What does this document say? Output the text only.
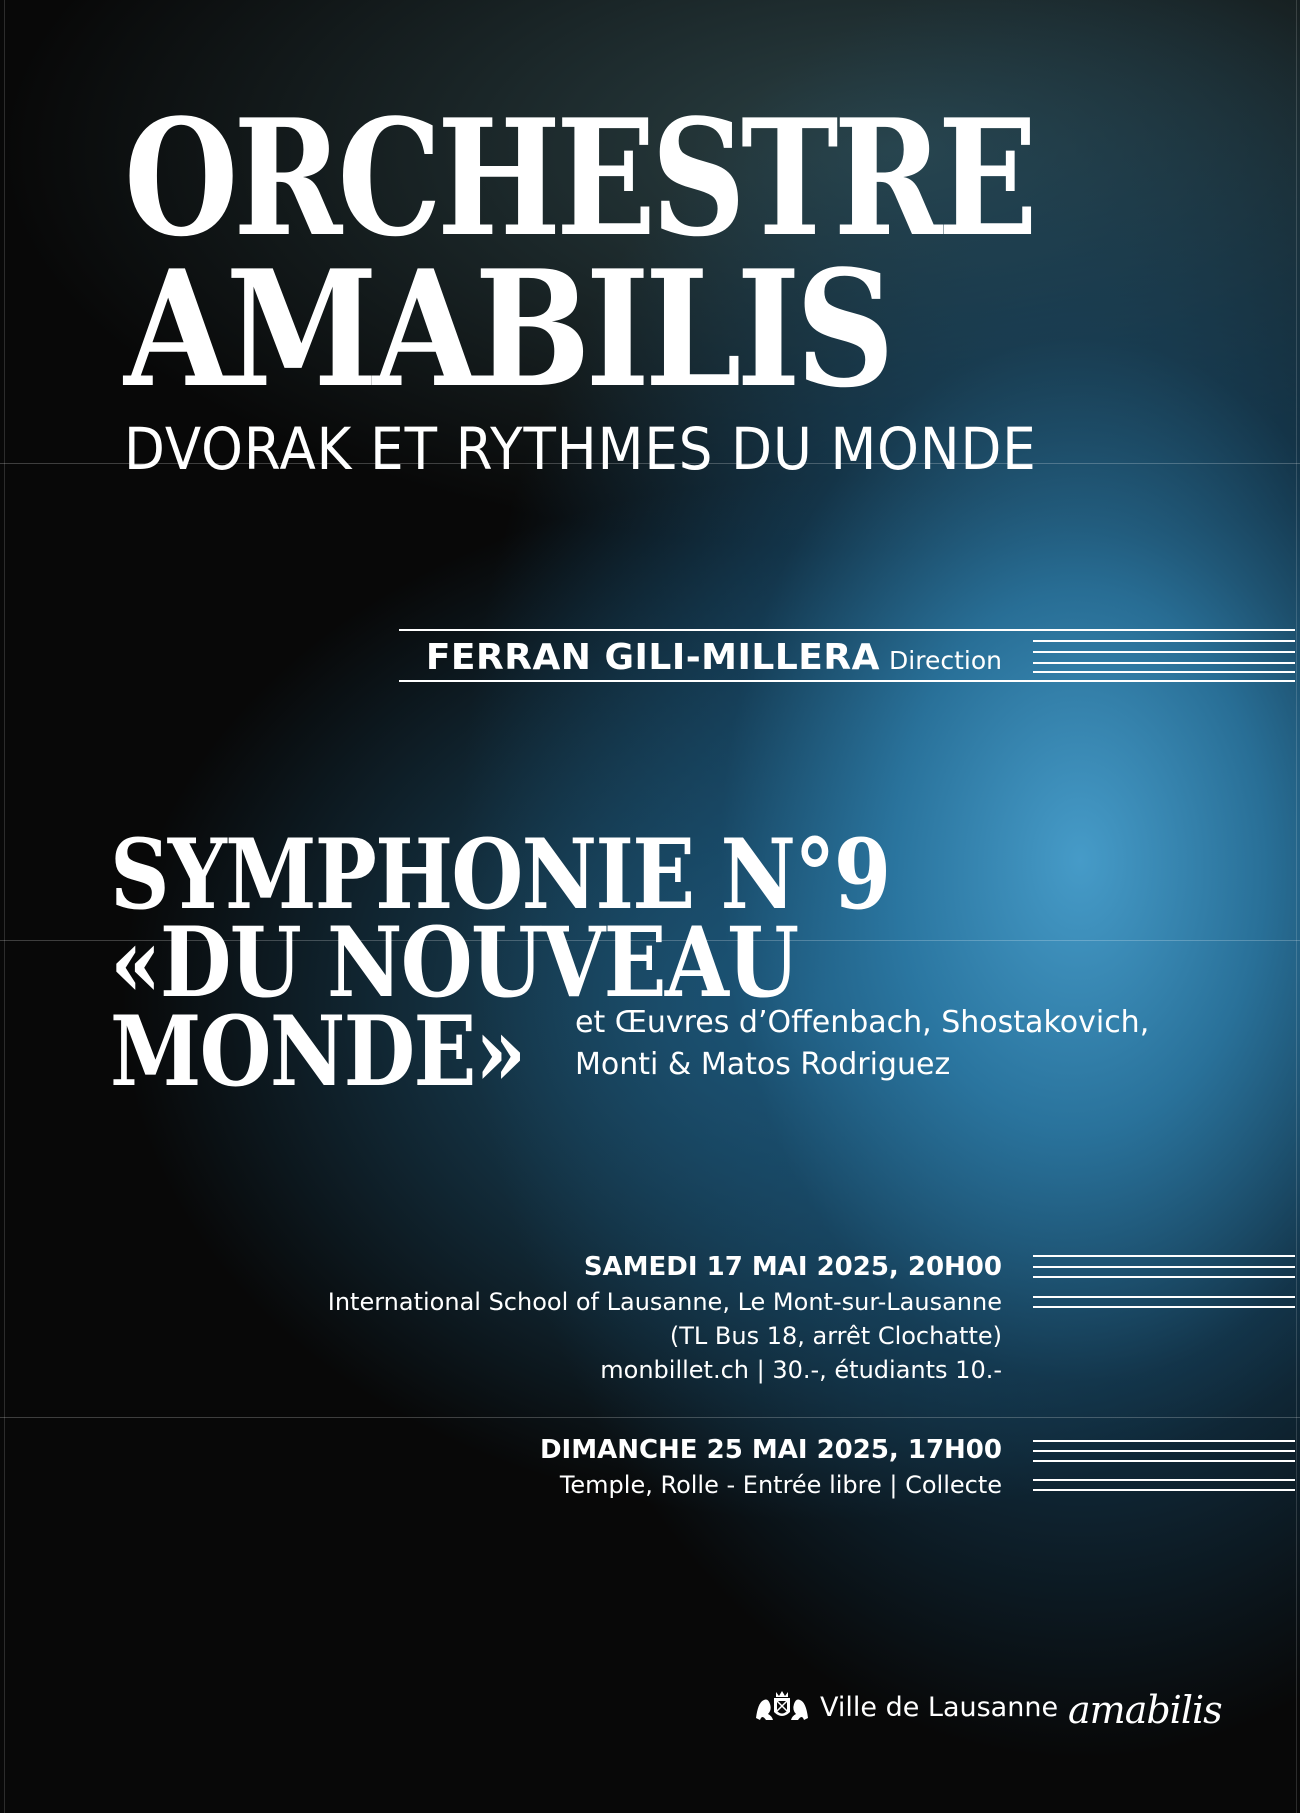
ORCHESTRE
AMABILIS
DVORAK ET RYTHMES DU MONDE
FERRAN GILI-MILLERA Direction
SYMPHONIE N°9
«DU NOUVEAU
MONDE» et Œuvres d’Offenbach, Shostakovich,
Monti & Matos Rodriguez
SAMEDI 17 MAI 2025, 20H00
International School of Lausanne, Le Mont-sur-Lausanne
(TL Bus 18, arrêt Clochatte)
monbillet.ch | 30.-, étudiants 10.-
DIMANCHE 25 MAI 2025, 17H00
Temple, Rolle - Entrée libre | Collecte
Ville de Lausanne amabilis
